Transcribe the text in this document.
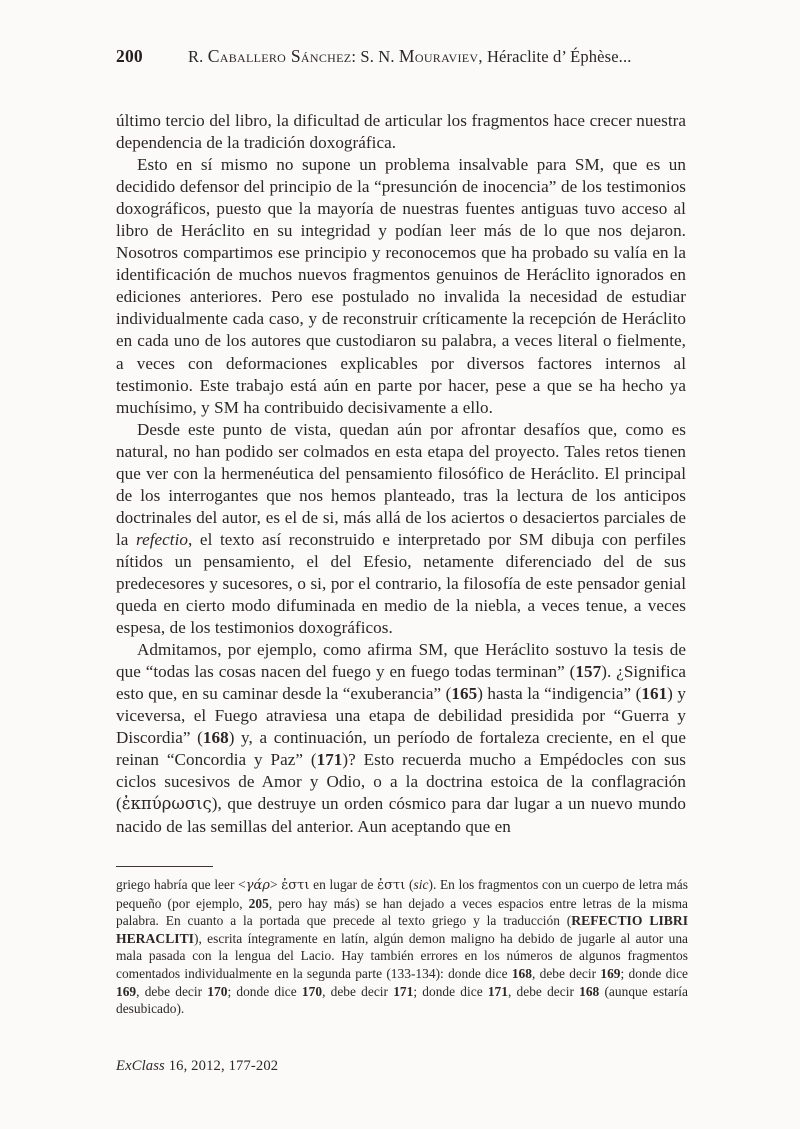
200	R. Caballero Sánchez: S. N. Mouraviev, Héraclite d’ Éphèse...

último tercio del libro, la dificultad de articular los fragmentos hace crecer nuestra dependencia de la tradición doxográfica.

Esto en sí mismo no supone un problema insalvable para SM, que es un decidido defensor del principio de la “presunción de inocencia” de los testimonios doxográficos, puesto que la mayoría de nuestras fuentes antiguas tuvo acceso al libro de Heráclito en su integridad y podían leer más de lo que nos dejaron. Nosotros compartimos ese principio y reconocemos que ha probado su valía en la identificación de muchos nuevos fragmentos genuinos de Heráclito ignorados en ediciones anteriores. Pero ese postulado no invalida la necesidad de estudiar individualmente cada caso, y de reconstruir críticamente la recepción de Heráclito en cada uno de los autores que custodiaron su palabra, a veces literal o fielmente, a veces con deformaciones explicables por diversos factores internos al testimonio. Este trabajo está aún en parte por hacer, pese a que se ha hecho ya muchísimo, y SM ha contribuido decisivamente a ello.

Desde este punto de vista, quedan aún por afrontar desafíos que, como es natural, no han podido ser colmados en esta etapa del proyecto. Tales retos tienen que ver con la hermenéutica del pensamiento filosófico de Heráclito. El principal de los interrogantes que nos hemos planteado, tras la lectura de los anticipos doctrinales del autor, es el de si, más allá de los aciertos o desaciertos parciales de la refectio, el texto así reconstruido e interpretado por SM dibuja con perfiles nítidos un pensamiento, el del Efesio, netamente diferenciado del de sus predecesores y sucesores, o si, por el contrario, la filosofía de este pensador genial queda en cierto modo difuminada en medio de la niebla, a veces tenue, a veces espesa, de los testimonios doxográficos.

Admitamos, por ejemplo, como afirma SM, que Heráclito sostuvo la tesis de que “todas las cosas nacen del fuego y en fuego todas terminan” (157). ¿Significa esto que, en su caminar desde la “exuberancia” (165) hasta la “indigencia” (161) y viceversa, el Fuego atraviesa una etapa de debilidad presidida por “Guerra y Discordia” (168) y, a continuación, un período de fortaleza creciente, en el que reinan “Concordia y Paz” (171)? Esto recuerda mucho a Empédocles con sus ciclos sucesivos de Amor y Odio, o a la doctrina estoica de la conflagración (ἐκπύρωσις), que destruye un orden cósmico para dar lugar a un nuevo mundo nacido de las semillas del anterior. Aun aceptando que en

griego habría que leer <γάρ> ἐστι en lugar de ἐστι (sic). En los fragmentos con un cuerpo de letra más pequeño (por ejemplo, 205, pero hay más) se han dejado a veces espacios entre letras de la misma palabra. En cuanto a la portada que precede al texto griego y la traducción (REFECTIO LIBRI HERACLITI), escrita íntegramente en latín, algún demon maligno ha debido de jugarle al autor una mala pasada con la lengua del Lacio. Hay también errores en los números de algunos fragmentos comentados individualmente en la segunda parte (133-134): donde dice 168, debe decir 169; donde dice 169, debe decir 170; donde dice 170, debe decir 171; donde dice 171, debe decir 168 (aunque estaría desubicado).

ExClass 16, 2012, 177-202
